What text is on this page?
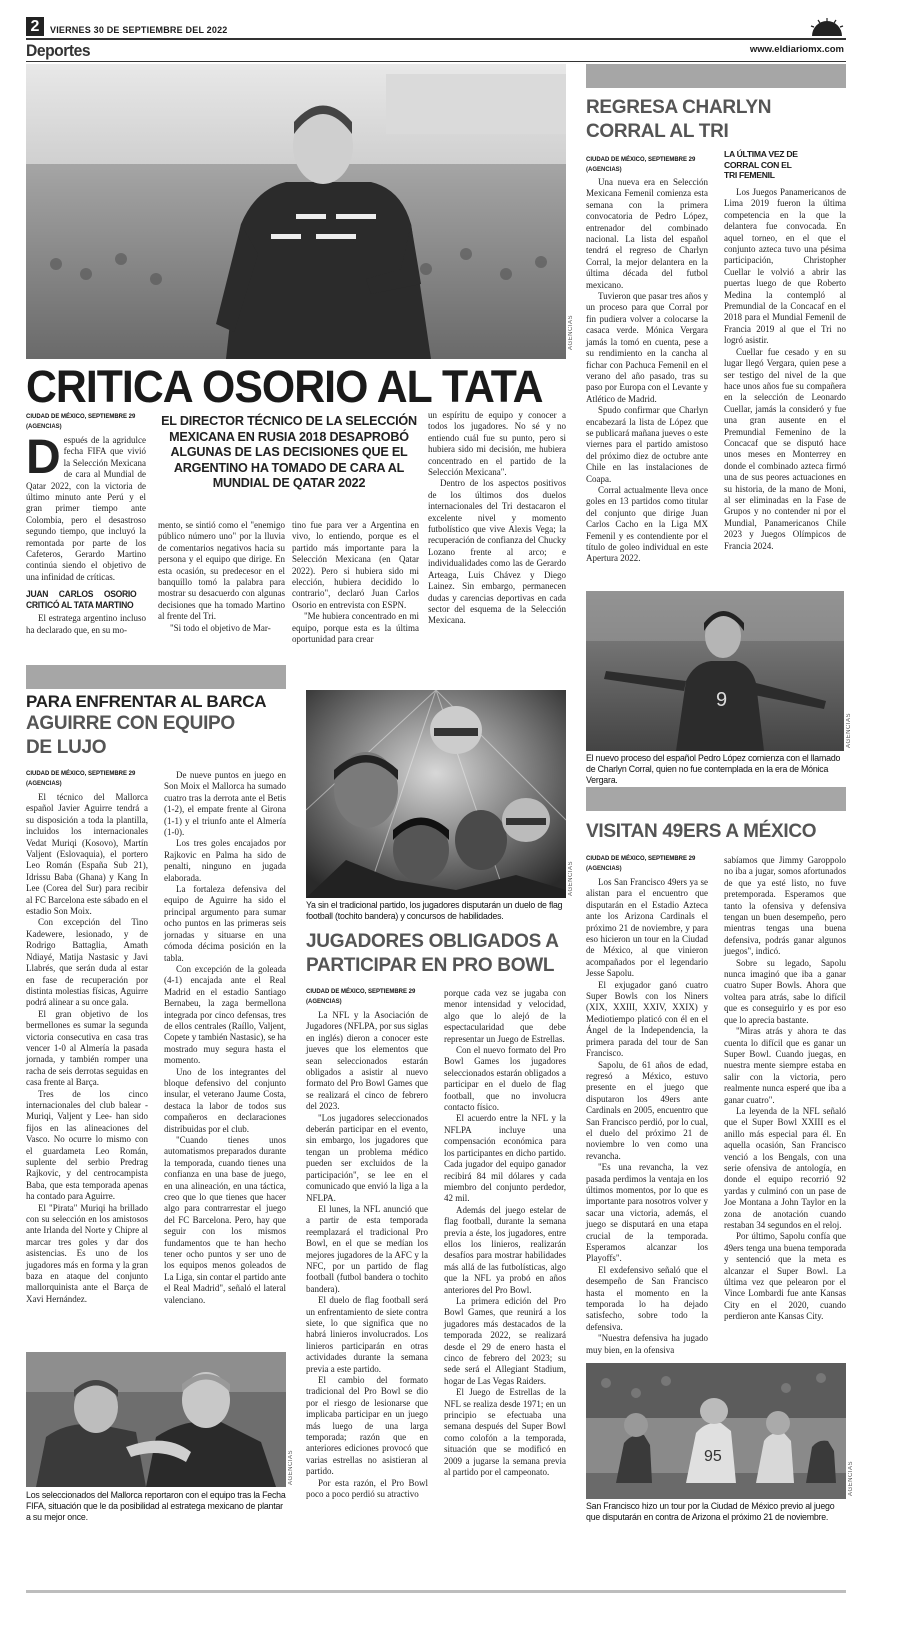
2	VIERNES 30 DE SEPTIEMBRE DEL 2022
Deportes	www.eldiariomx.com
AGENCIAS
CRITICA OSORIO AL TATA
CIUDAD DE MÉXICO, SEPTIEMBRE 29
(AGENCIAS)
D espués de la agridulce fecha FIFA que vivió la Selección Mexicana de cara al Mundial de Qatar 2022, con la victoria de último minuto ante Perú y el gran primer tiempo ante Colombia, pero el desastroso segundo tiempo, que incluyó la remontada por parte de los Cafeteros, Gerardo Martino continúa siendo el objetivo de una infinidad de críticas.
JUAN CARLOS OSORIO CRITICÓ AL TATA MARTINO

El estratega argentino incluso ha declarado que, en su mo-

EL DIRECTOR TÉCNICO DE LA SELECCIÓN MEXICANA EN RUSIA 2018 DESAPROBÓ ALGUNAS DE LAS DECISIONES QUE EL ARGENTINO HA TOMADO DE CARA AL MUNDIAL DE QATAR 2022

mento, se sintió como el "enemigo público número uno" por la lluvia de comentarios negativos hacia su persona y el equipo que dirige. En esta ocasión, su predecesor en el banquillo tomó la palabra para mostrar su desacuerdo con algunas decisiones que ha tomado Martino al frente del Tri.

"Si todo el objetivo de Mar-

tino fue para ver a Argentina en vivo, lo entiendo, porque es el partido más importante para la Selección Mexicana (en Qatar 2022). Pero si hubiera sido mi elección, hubiera decidido lo contrario", declaró Juan Carlos Osorio en entrevista con ESPN.

"Me hubiera concentrado en mi equipo, porque esta es la última oportunidad para crear

un espíritu de equipo y conocer a todos los jugadores. No sé y no entiendo cuál fue su punto, pero si hubiera sido mi decisión, me hubiera concentrado en el partido de la Selección Mexicana".

Dentro de los aspectos positivos de los últimos dos duelos internacionales del Tri destacaron el excelente nivel y momento futbolístico que vive Alexis Vega; la recuperación de confianza del Chucky Lozano frente al arco; e individualidades como las de Gerardo Arteaga, Luis Chávez y Diego Lainez. Sin embargo, permanecen dudas y carencias deportivas en cada sector del esquema de la Selección Mexicana.

REGRESA CHARLYN
CORRAL AL TRI
CIUDAD DE MÉXICO, SEPTIEMBRE 29
(AGENCIAS)

Una nueva era en Selección Mexicana Femenil comienza esta semana con la primera convocatoria de Pedro López, entrenador del combinado nacional. La lista del español tendrá el regreso de Charlyn Corral, la mejor delantera en la última década del futbol mexicano.

Tuvieron que pasar tres años y un proceso para que Corral por fin pudiera volver a colocarse la casaca verde. Mónica Vergara jamás la tomó en cuenta, pese a su rendimiento en la cancha al fichar con Pachuca Femenil en el verano del año pasado, tras su paso por Europa con el Levante y Atlético de Madrid.

Spudo confirmar que Charlyn encabezará la lista de López que se publicará mañana jueves o este viernes para el partido amistoso del próximo diez de octubre ante Chile en las instalaciones de Coapa.

Corral actualmente lleva once goles en 13 partidos como titular del conjunto que dirige Juan Carlos Cacho en la Liga MX Femenil y es contendiente por el título de goleo individual en este Apertura 2022.

LA ÚLTIMA VEZ DE CORRAL CON EL TRI FEMENIL

Los Juegos Panamericanos de Lima 2019 fueron la última competencia en la que la delantera fue convocada. En aquel torneo, en el que el conjunto azteca tuvo una pésima participación, Christopher Cuellar le volvió a abrir las puertas luego de que Roberto Medina la contempló al Premundial de la Concacaf en el 2018 para el Mundial Femenil de Francia 2019 al que el Tri no logró asistir.

Cuellar fue cesado y en su lugar llegó Vergara, quien pese a ser testigo del nivel de la que hace unos años fue su compañera en la selección de Leonardo Cuellar, jamás la consideró y fue una gran ausente en el Premundial Femenino de la Concacaf que se disputó hace unos meses en Monterrey en donde el combinado azteca firmó una de sus peores actuaciones en su historia, de la mano de Moni, al ser eliminadas en la Fase de Grupos y no contender ni por el Mundial, Panamericanos Chile 2023 y Juegos Olímpicos de Francia 2024.

9
AGENCIAS
El nuevo proceso del español Pedro López comienza con el llamado de Charlyn Corral, quien no fue contemplada en la era de Mónica Vergara.
PARA ENFRENTAR AL BARCA
AGUIRRE CON EQUIPO
DE LUJO
CIUDAD DE MÉXICO, SEPTIEMBRE 29
(AGENCIAS)

El técnico del Mallorca español Javier Aguirre tendrá a su disposición a toda la plantilla, incluidos los internacionales Vedat Muriqi (Kosovo), Martín Valjent (Eslovaquia), el portero Leo Román (España Sub 21), Idrissu Baba (Ghana) y Kang In Lee (Corea del Sur) para recibir al FC Barcelona este sábado en el estadio Son Moix.

Con excepción del Tino Kadewere, lesionado, y de Rodrigo Battaglia, Amath Ndiayé, Matija Nastasic y Javi Llabrés, que serán duda al estar en fase de recuperación por distinta molestias físicas, Aguirre podrá alinear a su once gala.

El gran objetivo de los bermellones es sumar la segunda victoria consecutiva en casa tras vencer 1-0 al Almería la pasada jornada, y también romper una racha de seis derrotas seguidas en casa frente al Barça.

Tres de los cinco internacionales del club balear -Muriqi, Valjent y Lee- han sido fijos en las alineaciones del Vasco. No ocurre lo mismo con el guardameta Leo Román, suplente del serbio Predrag Rajkovic, y del centrocampista Baba, que esta temporada apenas ha contado para Aguirre.

El "Pirata" Muriqi ha brillado con su selección en los amistosos ante Irlanda del Norte y Chipre al marcar tres goles y dar dos asistencias. Es uno de los jugadores más en forma y la gran baza en ataque del conjunto mallorquinista ante el Barça de Xavi Hernández.

De nueve puntos en juego en Son Moix el Mallorca ha sumado cuatro tras la derrota ante el Betis (1-2), el empate frente al Girona (1-1) y el triunfo ante el Almería (1-0).

Los tres goles encajados por Rajkovic en Palma ha sido de penalti, ninguno en jugada elaborada.

La fortaleza defensiva del equipo de Aguirre ha sido el principal argumento para sumar ocho puntos en las primeras seis jornadas y situarse en una cómoda décima posición en la tabla.

Con excepción de la goleada (4-1) encajada ante el Real Madrid en el estadio Santiago Bernabeu, la zaga bermellona integrada por cinco defensas, tres de ellos centrales (Raíllo, Valjent, Copete y también Nastasic), se ha mostrado muy segura hasta el momento.

Uno de los integrantes del bloque defensivo del conjunto insular, el veterano Jaume Costa, destaca la labor de todos sus compañeros en declaraciones distribuidas por el club.

"Cuando tienes unos automatismos preparados durante la temporada, cuando tienes una confianza en una base de juego, en una alineación, en una táctica, creo que lo que tienes que hacer algo para contrarrestar el juego del FC Barcelona. Pero, hay que seguir con los mismos fundamentos que te han hecho tener ocho puntos y ser uno de los equipos menos goleados de La Liga, sin contar el partido ante el Real Madrid", señaló el lateral valenciano.

AGENCIAS
Los seleccionados del Mallorca reportaron con el equipo tras la Fecha FIFA, situación que le da posibilidad al estratega mexicano de plantar a su mejor once.
AGENCIAS
Ya sin el tradicional partido, los jugadores disputarán un duelo de flag football (tochito bandera) y concursos de habilidades.
JUGADORES OBLIGADOS A
PARTICIPAR EN PRO BOWL
CIUDAD DE MÉXICO, SEPTIEMBRE 29
(AGENCIAS)

La NFL y la Asociación de Jugadores (NFLPA, por sus siglas en inglés) dieron a conocer este jueves que los elementos que sean seleccionados estarán obligados a asistir al nuevo formato del Pro Bowl Games que se realizará el cinco de febrero del 2023.

"Los jugadores seleccionados deberán participar en el evento, sin embargo, los jugadores que tengan un problema médico pueden ser excluidos de la participación", se lee en el comunicado que envió la liga a la NFLPA.

El lunes, la NFL anunció que a partir de esta temporada reemplazará el tradicional Pro Bowl, en el que se medían los mejores jugadores de la AFC y la NFC, por un partido de flag football (futbol bandera o tochito bandera).

El duelo de flag football será un enfrentamiento de siete contra siete, lo que significa que no habrá linieros involucrados. Los linieros participarán en otras actividades durante la semana previa a este partido.

El cambio del formato tradicional del Pro Bowl se dio por el riesgo de lesionarse que implicaba participar en un juego más luego de una larga temporada; razón que en anteriores ediciones provocó que varias estrellas no asistieran al partido.

Por esta razón, el Pro Bowl poco a poco perdió su atractivo

porque cada vez se jugaba con menor intensidad y velocidad, algo que lo alejó de la espectacularidad que debe representar un Juego de Estrellas.

Con el nuevo formato del Pro Bowl Games los jugadores seleccionados estarán obligados a participar en el duelo de flag football, que no involucra contacto físico.

El acuerdo entre la NFL y la NFLPA incluye una compensación económica para los participantes en dicho partido. Cada jugador del equipo ganador recibirá 84 mil dólares y cada miembro del conjunto perdedor, 42 mil.

Además del juego estelar de flag football, durante la semana previa a éste, los jugadores, entre ellos los linieros, realizarán desafíos para mostrar habilidades más allá de las futbolísticas, algo que la NFL ya probó en años anteriores del Pro Bowl.

La primera edición del Pro Bowl Games, que reunirá a los jugadores más destacados de la temporada 2022, se realizará desde el 29 de enero hasta el cinco de febrero del 2023; su sede será el Allegiant Stadium, hogar de Las Vegas Raiders.

El Juego de Estrellas de la NFL se realiza desde 1971; en un principio se efectuaba una semana después del Super Bowl como colofón a la temporada, situación que se modificó en 2009 a jugarse la semana previa al partido por el campeonato.

VISITAN 49ERS A MÉXICO
CIUDAD DE MÉXICO, SEPTIEMBRE 29
(AGENCIAS)

Los San Francisco 49ers ya se alistan para el encuentro que disputarán en el Estadio Azteca ante los Arizona Cardinals el próximo 21 de noviembre, y para eso hicieron un tour en la Ciudad de México, al que vinieron acompañados por el legendario Jesse Sapolu.

El exjugador ganó cuatro Super Bowls con los Niners (XIX, XXIII, XXIV, XXIX) y Mediotiempo platicó con él en el Ángel de la Independencia, la primera parada del tour de San Francisco.

Sapolu, de 61 años de edad, regresó a México, estuvo presente en el juego que disputaron los 49ers ante Cardinals en 2005, encuentro que San Francisco perdió, por lo cual, el duelo del próximo 21 de noviembre lo ven como una revancha.

"Es una revancha, la vez pasada perdimos la ventaja en los últimos momentos, por lo que es importante para nosotros volver y sacar una victoria, además, el juego se disputará en una etapa crucial de la temporada. Esperamos alcanzar los Playoffs".

El exdefensivo señaló que el desempeño de San Francisco hasta el momento en la temporada lo ha dejado satisfecho, sobre todo la defensiva.

"Nuestra defensiva ha jugado muy bien, en la ofensiva

sabíamos que Jimmy Garoppolo no iba a jugar, somos afortunados de que ya esté listo, no fuve pretemporada. Esperamos que tanto la ofensiva y defensiva tengan un buen desempeño, pero mientras tengas una buena defensiva, podrás ganar algunos juegos", indicó.

Sobre su legado, Sapolu nunca imaginó que iba a ganar cuatro Super Bowls. Ahora que voltea para atrás, sabe lo difícil que es conseguirlo y es por eso que lo aprecia bastante.

"Miras atrás y ahora te das cuenta lo difícil que es ganar un Super Bowl. Cuando juegas, en nuestra mente siempre estaba en salir con la victoria, pero realmente nunca esperé que iba a ganar cuatro".

La leyenda de la NFL señaló que el Super Bowl XXIII es el anillo más especial para él. En aquella ocasión, San Francisco venció a los Bengals, con una serie ofensiva de antología, en donde el equipo recorrió 92 yardas y culminó con un pase de Joe Montana a John Taylor en la zona de anotación cuando restaban 34 segundos en el reloj.

Por último, Sapolu confía que 49ers tenga una buena temporada y sentenció que la meta es alcanzar el Super Bowl. La última vez que pelearon por el Vince Lombardi fue ante Kansas City en el 2020, cuando perdieron ante Kansas City.

95
AGENCIAS
San Francisco hizo un tour por la Ciudad de México previo al juego que disputarán en contra de Arizona el próximo 21 de noviembre.
